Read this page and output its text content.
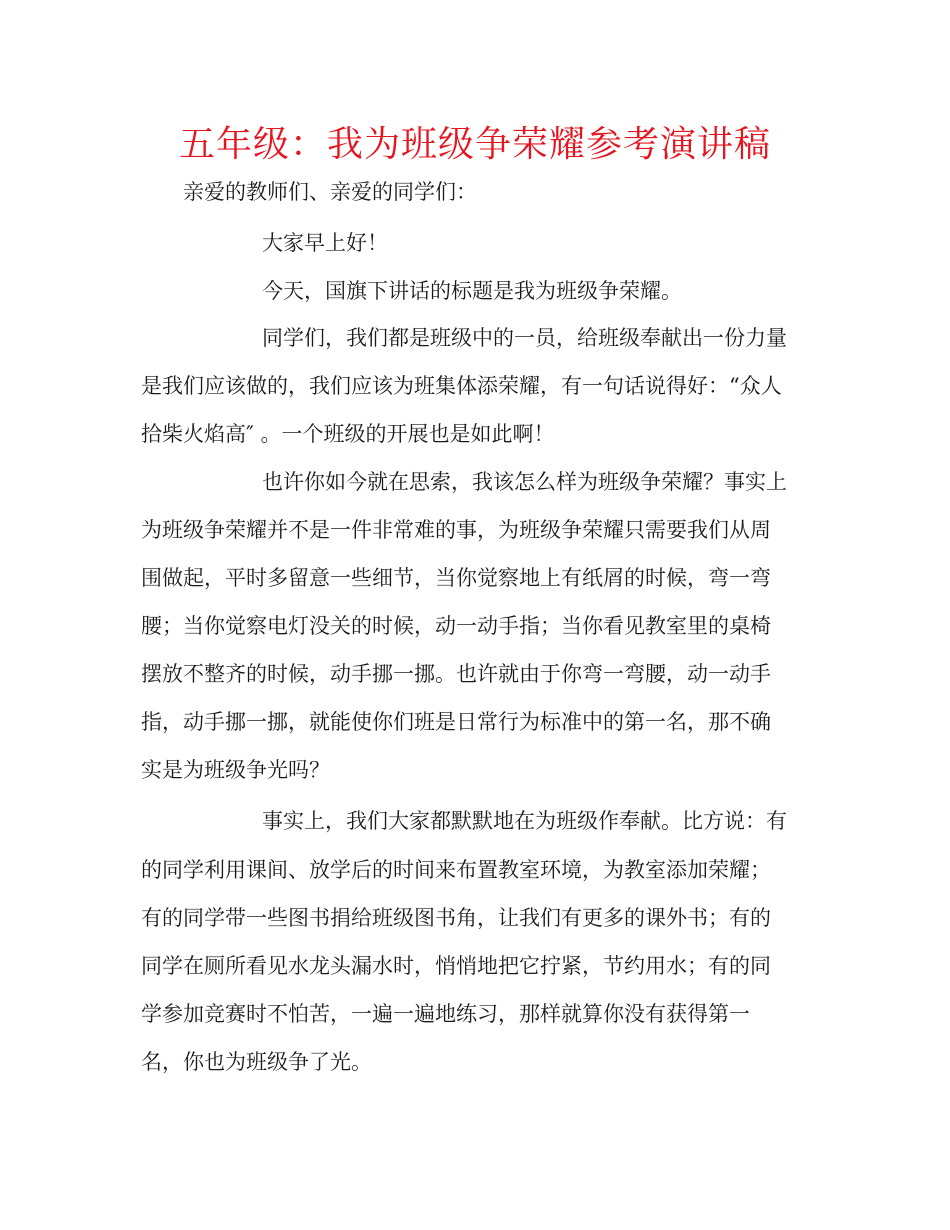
五年级：我为班级争荣耀参考演讲稿
亲爱的教师们、亲爱的同学们：
大家早上好！
今天，国旗下讲话的标题是我为班级争荣耀。
同学们，我们都是班级中的一员，给班级奉献出一份力量
是我们应该做的，我们应该为班集体添荣耀，有一句话说得好：“众人
拾柴火焰高″ 。一个班级的开展也是如此啊！
也许你如今就在思索，我该怎么样为班级争荣耀？事实上
为班级争荣耀并不是一件非常难的事，为班级争荣耀只需要我们从周
围做起，平时多留意一些细节，当你觉察地上有纸屑的时候，弯一弯
腰；当你觉察电灯没关的时候，动一动手指；当你看见教室里的桌椅
摆放不整齐的时候，动手挪一挪。也许就由于你弯一弯腰，动一动手
指，动手挪一挪，就能使你们班是日常行为标准中的第一名，那不确
实是为班级争光吗？
事实上，我们大家都默默地在为班级作奉献。比方说：有
的同学利用课间、放学后的时间来布置教室环境，为教室添加荣耀；
有的同学带一些图书捐给班级图书角，让我们有更多的课外书；有的
同学在厕所看见水龙头漏水时，悄悄地把它拧紧，节约用水；有的同
学参加竞赛时不怕苦，一遍一遍地练习，那样就算你没有获得第一
名，你也为班级争了光。
